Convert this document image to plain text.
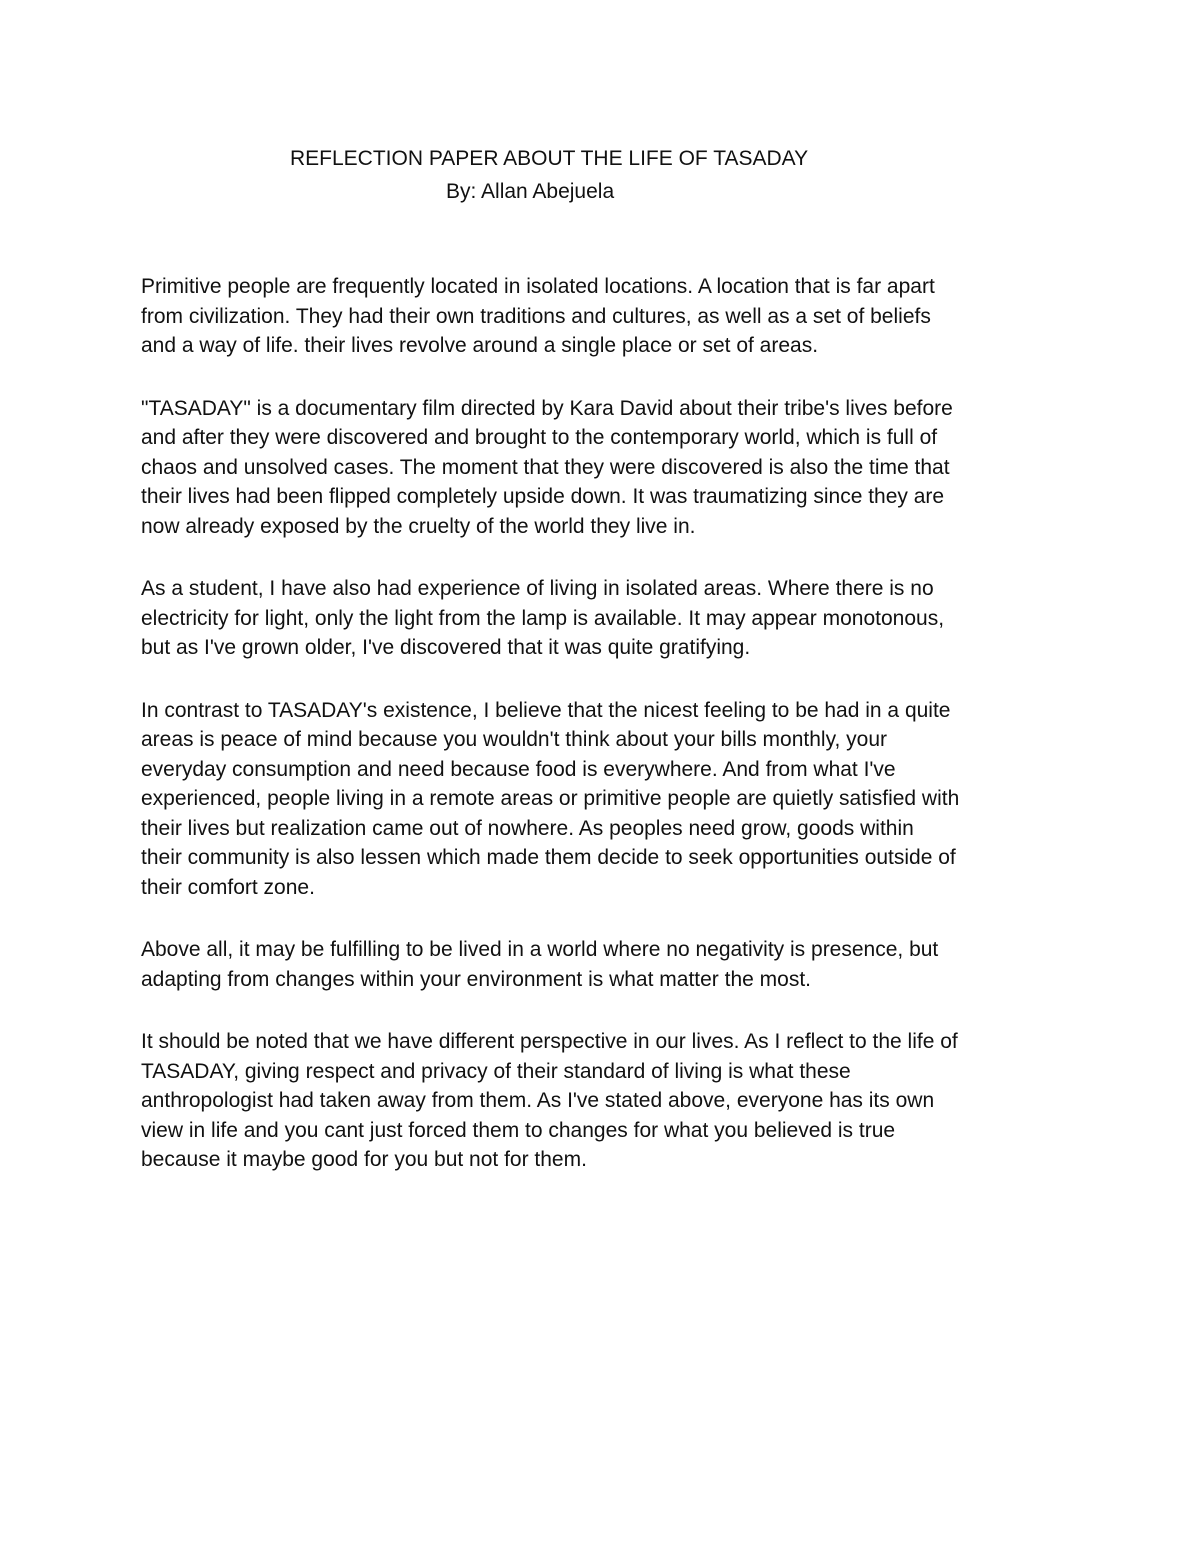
REFLECTION PAPER ABOUT THE LIFE OF TASADAY
By: Allan Abejuela

Primitive people are frequently located in isolated locations. A location that is far apart
from civilization. They had their own traditions and cultures, as well as a set of beliefs
and a way of life. their lives revolve around a single place or set of areas.

"TASADAY" is a documentary film directed by Kara David about their tribe's lives before
and after they were discovered and brought to the contemporary world, which is full of
chaos and unsolved cases. The moment that they were discovered is also the time that
their lives had been flipped completely upside down. It was traumatizing since they are
now already exposed by the cruelty of the world they live in.

As a student, I have also had experience of living in isolated areas. Where there is no
electricity for light, only the light from the lamp is available. It may appear monotonous,
but as I've grown older, I've discovered that it was quite gratifying.

In contrast to TASADAY's existence, I believe that the nicest feeling to be had in a quite
areas is peace of mind because you wouldn't think about your bills monthly, your
everyday consumption and need because food is everywhere. And from what I've
experienced, people living in a remote areas or primitive people are quietly satisfied with
their lives but realization came out of nowhere. As peoples need grow, goods within
their community is also lessen which made them decide to seek opportunities outside of
their comfort zone.

Above all, it may be fulfilling to be lived in a world where no negativity is presence, but
adapting from changes within your environment is what matter the most.

It should be noted that we have different perspective in our lives. As I reflect to the life of
TASADAY, giving respect and privacy of their standard of living is what these
anthropologist had taken away from them. As I've stated above, everyone has its own
view in life and you cant just forced them to changes for what you believed is true
because it maybe good for you but not for them.
